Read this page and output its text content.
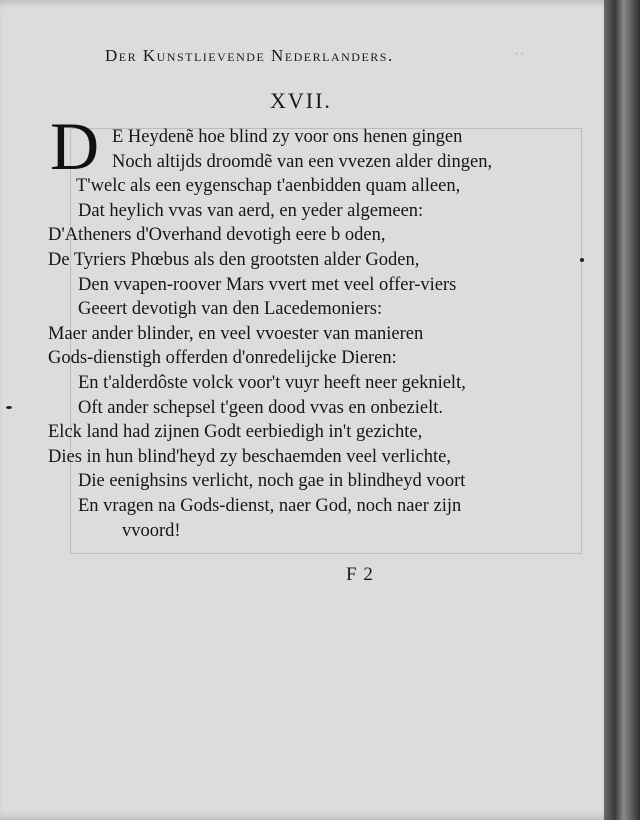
Der Kunstlievende Nederlanders.	··
XVII.
D E Heydenẽ hoe blind zy voor ons henen gingen
Noch altijds droomdẽ van een vvezen alder dingen,
T'welc als een eygenschap t'aenbidden quam alleen,
Dat heylich vvas van aerd, en yeder algemeen:
D'Atheners d'Overhand devotigh eere b oden,
De Tyriers Phœbus als den grootsten alder Goden,
Den vvapen-roover Mars vvert met veel offer-viers
Geeert devotigh van den Lacedemoniers:
Maer ander blinder, en veel vvoester van manieren
Gods-dienstigh offerden d'onredelijcke Dieren:
En t'alderdôste volck voor't vuyr heeft neer geknielt,
Oft ander schepsel t'geen dood vvas en onbezielt.
Elck land had zijnen Godt eerbiedigh in't gezichte,
Dies in hun blind'heyd zy beschaemden veel verlichte,
Die eenighsins verlicht, noch gae in blindheyd voort
En vragen na Gods-dienst, naer God, noch naer zijn
vvoord!
F 2
